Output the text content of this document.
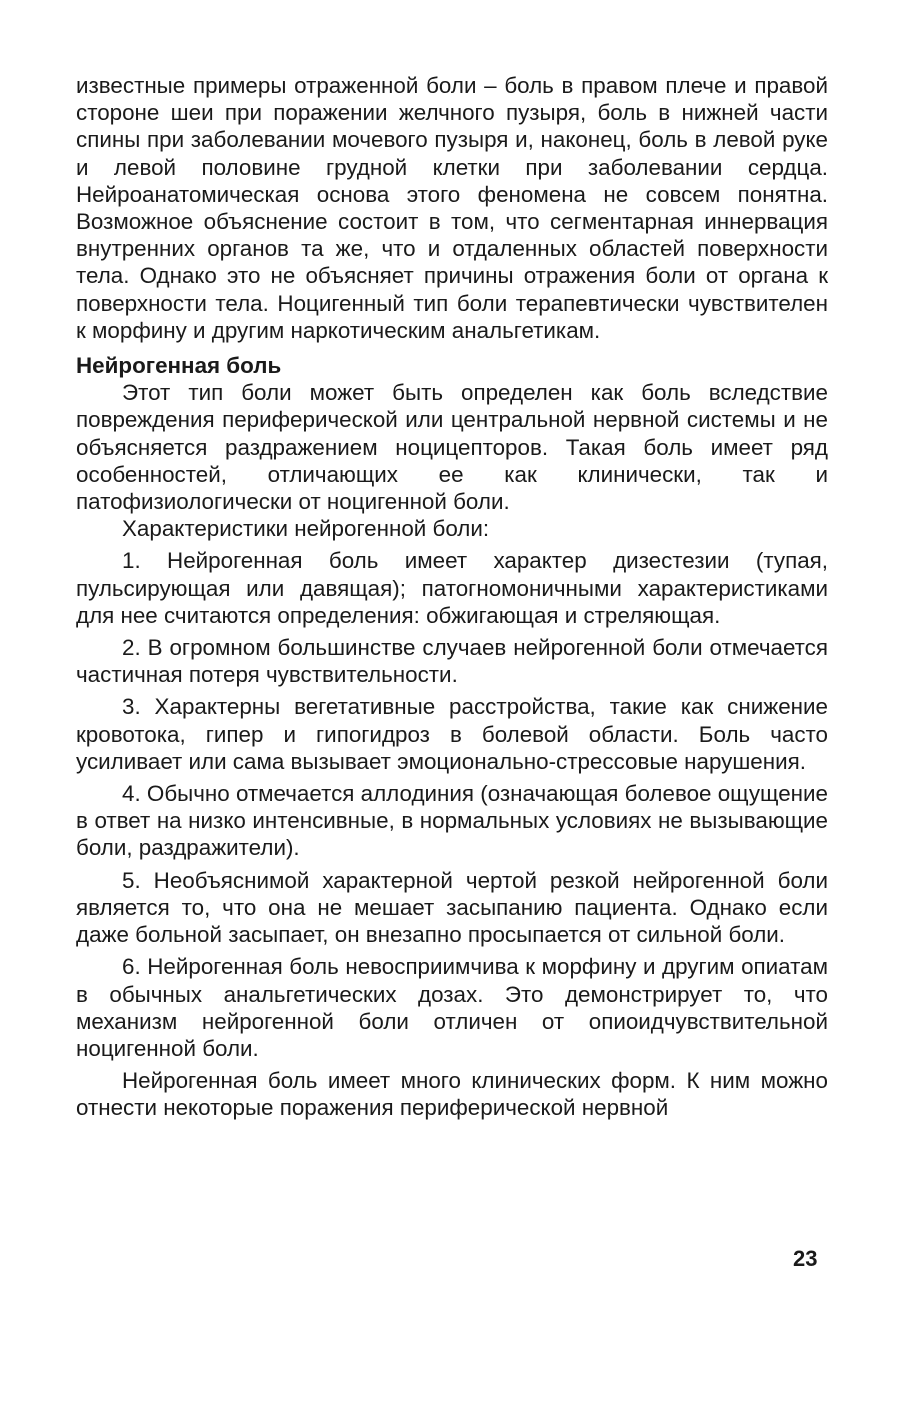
известные примеры отраженной боли – боль в правом плече и правой стороне шеи при поражении желчного пузыря, боль в нижней части спины при заболевании мочевого пузыря и, наконец, боль в левой руке и левой половине грудной клетки при заболевании сердца. Нейроанатомическая основа этого феномена не совсем понятна. Возможное объяснение состоит в том, что сегментарная иннервация внутренних органов та же, что и отдаленных областей поверхности тела. Однако это не объясняет причины отражения боли от органа к поверхности тела. Ноцигенный тип боли терапевтически чувствителен к морфину и другим наркотическим анальгетикам.

Нейрогенная боль

Этот тип боли может быть определен как боль вследствие повреждения периферической или центральной нервной системы и не объясняется раздражением ноцицепторов. Такая боль имеет ряд особенностей, отличающих ее как клинически, так и патофизиологически от ноцигенной боли.

Характеристики нейрогенной боли:

1. Нейрогенная боль имеет характер дизестезии (тупая, пульсирующая или давящая); патогномоничными характеристиками для нее считаются определения: обжигающая и стреляющая.

2. В огромном большинстве случаев нейрогенной боли отмечается частичная потеря чувствительности.

3. Характерны вегетативные расстройства, такие как снижение кровотока, гипер и гипогидроз в болевой области. Боль часто усиливает или сама вызывает эмоционально-стрессовые нарушения.

4. Обычно отмечается аллодиния (означающая болевое ощущение в ответ на низко интенсивные, в нормальных условиях не вызывающие боли, раздражители).

5. Необъяснимой характерной чертой резкой нейрогенной боли является то, что она не мешает засыпанию пациента. Однако если даже больной засыпает, он внезапно просыпается от сильной боли.

6. Нейрогенная боль невосприимчива к морфину и другим опиатам в обычных анальгетических дозах. Это демонстрирует то, что механизм нейрогенной боли отличен от опиоидчувствительной ноцигенной боли.

Нейрогенная боль имеет много клинических форм. К ним можно отнести некоторые поражения периферической нервной

23
